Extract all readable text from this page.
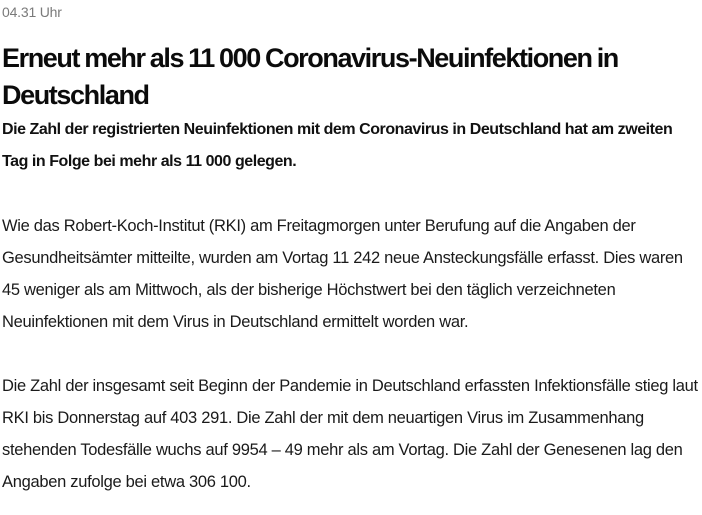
04.31 Uhr

Erneut mehr als 11 000 Coronavirus-Neuinfektionen in Deutschland

Die Zahl der registrierten Neuinfektionen mit dem Coronavirus in Deutschland hat am zweiten Tag in Folge bei mehr als 11 000 gelegen.

Wie das Robert-Koch-Institut (RKI) am Freitagmorgen unter Berufung auf die Angaben der Gesundheitsämter mitteilte, wurden am Vortag 11 242 neue Ansteckungsfälle erfasst. Dies waren 45 weniger als am Mittwoch, als der bisherige Höchstwert bei den täglich verzeichneten Neuinfektionen mit dem Virus in Deutschland ermittelt worden war.

Die Zahl der insgesamt seit Beginn der Pandemie in Deutschland erfassten Infektionsfälle stieg laut RKI bis Donnerstag auf 403 291. Die Zahl der mit dem neuartigen Virus im Zusammenhang stehenden Todesfälle wuchs auf 9954 – 49 mehr als am Vortag. Die Zahl der Genesenen lag den Angaben zufolge bei etwa 306 100.
